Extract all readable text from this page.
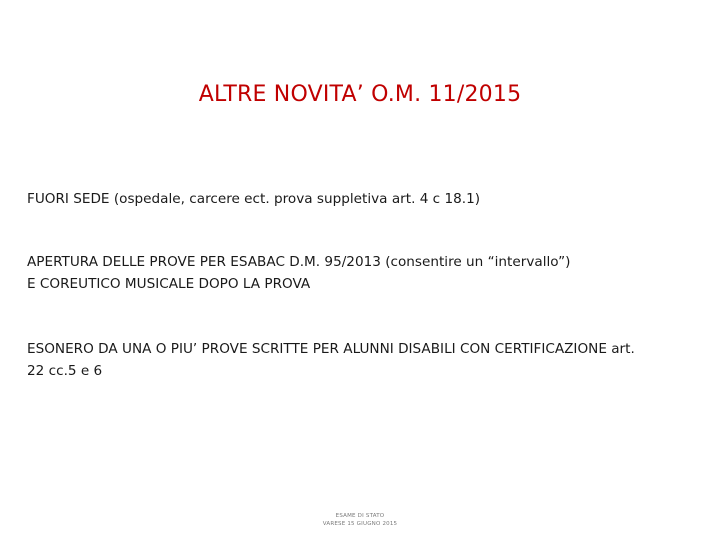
ALTRE NOVITA’ O.M. 11/2015
FUORI SEDE (ospedale, carcere ect. prova suppletiva art. 4 c 18.1)
APERTURA DELLE PROVE PER ESABAC D.M. 95/2013 (consentire un “intervallo”)
E COREUTICO MUSICALE DOPO LA PROVA
ESONERO DA UNA O PIU’ PROVE SCRITTE PER ALUNNI DISABILI CON CERTIFICAZIONE art.
22 cc.5 e 6
ESAME DI STATO
VARESE 15 GIUGNO 2015
